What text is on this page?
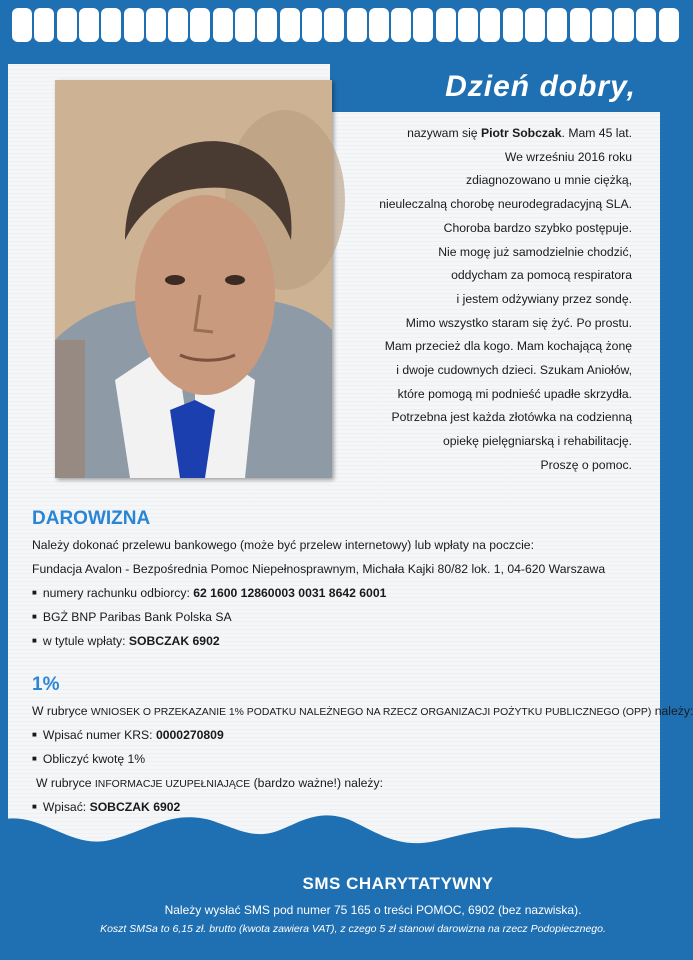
Dzień dobry,
nazywam się Piotr Sobczak. Mam 45 lat.
We wrześniu 2016 roku
zdiagnozowano u mnie ciężką,
nieuleczalną chorobę neurodegradacyjną SLA.
Choroba bardzo szybko postępuje.
Nie mogę już samodzielnie chodzić,
oddycham za pomocą respiratora
i jestem odżywiany przez sondę.
Mimo wszystko staram się żyć. Po prostu.
Mam przecież dla kogo. Mam kochającą żonę
i dwoje cudownych dzieci. Szukam Aniołów,
które pomogą mi podnieść upadłe skrzydła.
Potrzebna jest każda złotówka na codzienną
opiekę pielęgniarską i rehabilitację.
Proszę o pomoc.
DAROWIZNA
Należy dokonać przelewu bankowego (może być przelew internetowy) lub wpłaty na poczcie:
Fundacja Avalon - Bezpośrednia Pomoc Niepełnosprawnym, Michała Kajki 80/82 lok. 1, 04-620 Warszawa
■ numery rachunku odbiorcy: 62 1600 12860003 0031 8642 6001
■ BGŻ BNP Paribas Bank Polska SA
■ w tytule wpłaty: SOBCZAK 6902
1%
W rubryce WNIOSEK O PRZEKAZANIE 1% PODATKU NALEŻNEGO NA RZECZ ORGANIZACJI POŻYTKU PUBLICZNEGO (OPP) należy:
■ Wpisać numer KRS: 0000270809
■ Obliczyć kwotę 1%
W rubryce INFORMACJE UZUPEŁNIAJĄCE (bardzo ważne!) należy:
■ Wpisać: SOBCZAK 6902
SMS CHARYTATYWNY
Należy wysłać SMS pod numer 75 165 o treści POMOC, 6902 (bez nazwiska).
Koszt SMSa to 6,15 zł. brutto (kwota zawiera VAT), z czego 5 zł stanowi darowizna na rzecz Podopiecznego.
